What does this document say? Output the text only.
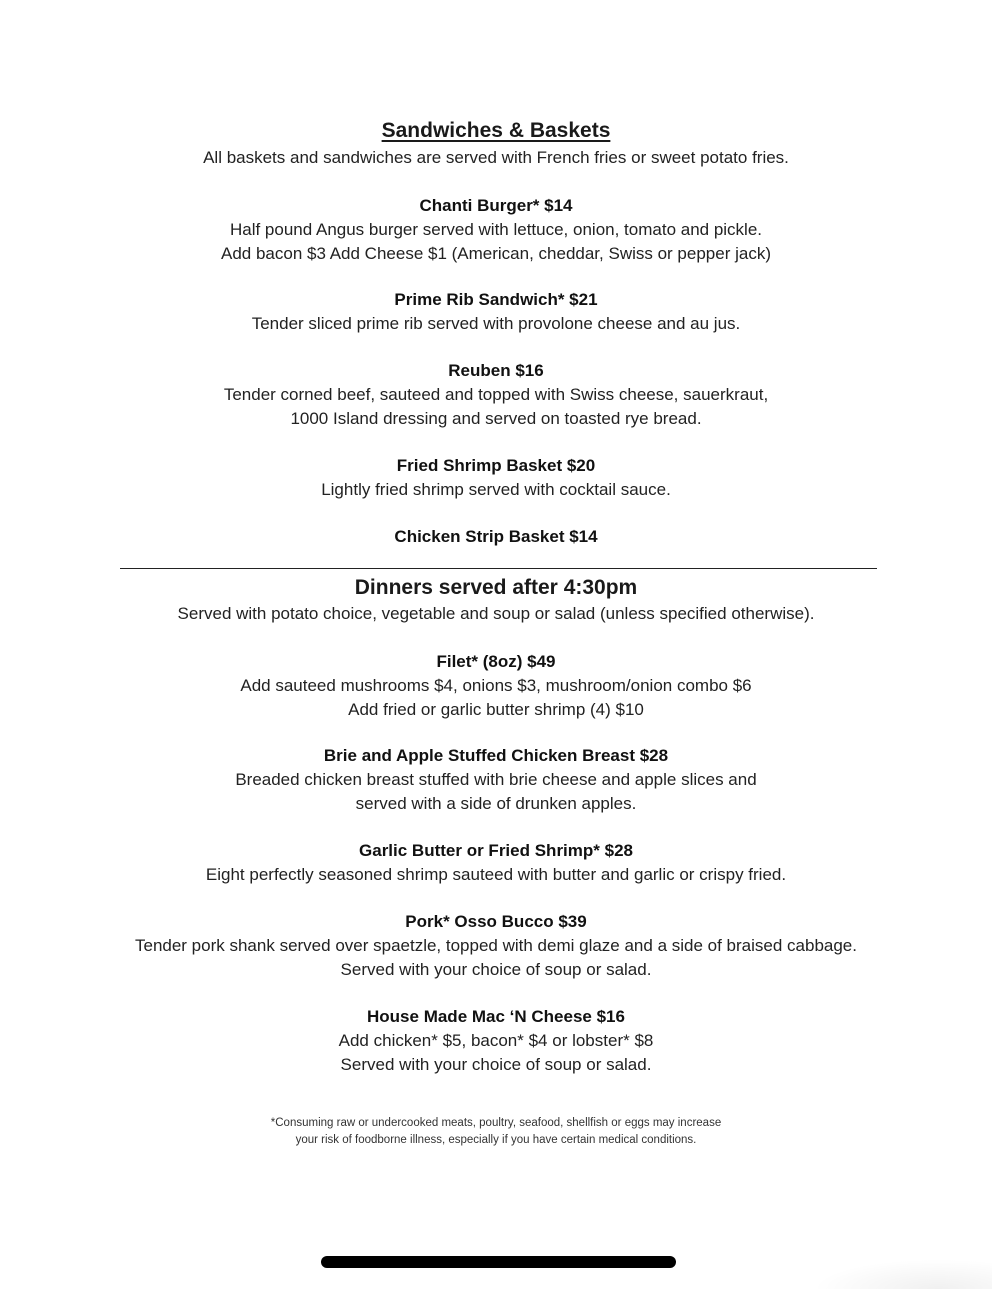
Sandwiches & Baskets
All baskets and sandwiches are served with French fries or sweet potato fries.
Chanti Burger* $14
Half pound Angus burger served with lettuce, onion, tomato and pickle.
Add bacon $3 Add Cheese $1 (American, cheddar, Swiss or pepper jack)
Prime Rib Sandwich* $21
Tender sliced prime rib served with provolone cheese and au jus.
Reuben $16
Tender corned beef, sauteed and topped with Swiss cheese, sauerkraut,
1000 Island dressing and served on toasted rye bread.
Fried Shrimp Basket $20
Lightly fried shrimp served with cocktail sauce.
Chicken Strip Basket $14
Dinners served after 4:30pm
Served with potato choice, vegetable and soup or salad (unless specified otherwise).
Filet* (8oz) $49
Add sauteed mushrooms $4, onions $3, mushroom/onion combo $6
Add fried or garlic butter shrimp (4) $10
Brie and Apple Stuffed Chicken Breast $28
Breaded chicken breast stuffed with brie cheese and apple slices and
served with a side of drunken apples.
Garlic Butter or Fried Shrimp* $28
Eight perfectly seasoned shrimp sauteed with butter and garlic or crispy fried.
Pork* Osso Bucco $39
Tender pork shank served over spaetzle, topped with demi glaze and a side of braised cabbage.
Served with your choice of soup or salad.
House Made Mac ‘N Cheese $16
Add chicken* $5, bacon* $4 or lobster* $8
Served with your choice of soup or salad.
*Consuming raw or undercooked meats, poultry, seafood, shellfish or eggs may increase
your risk of foodborne illness, especially if you have certain medical conditions.
